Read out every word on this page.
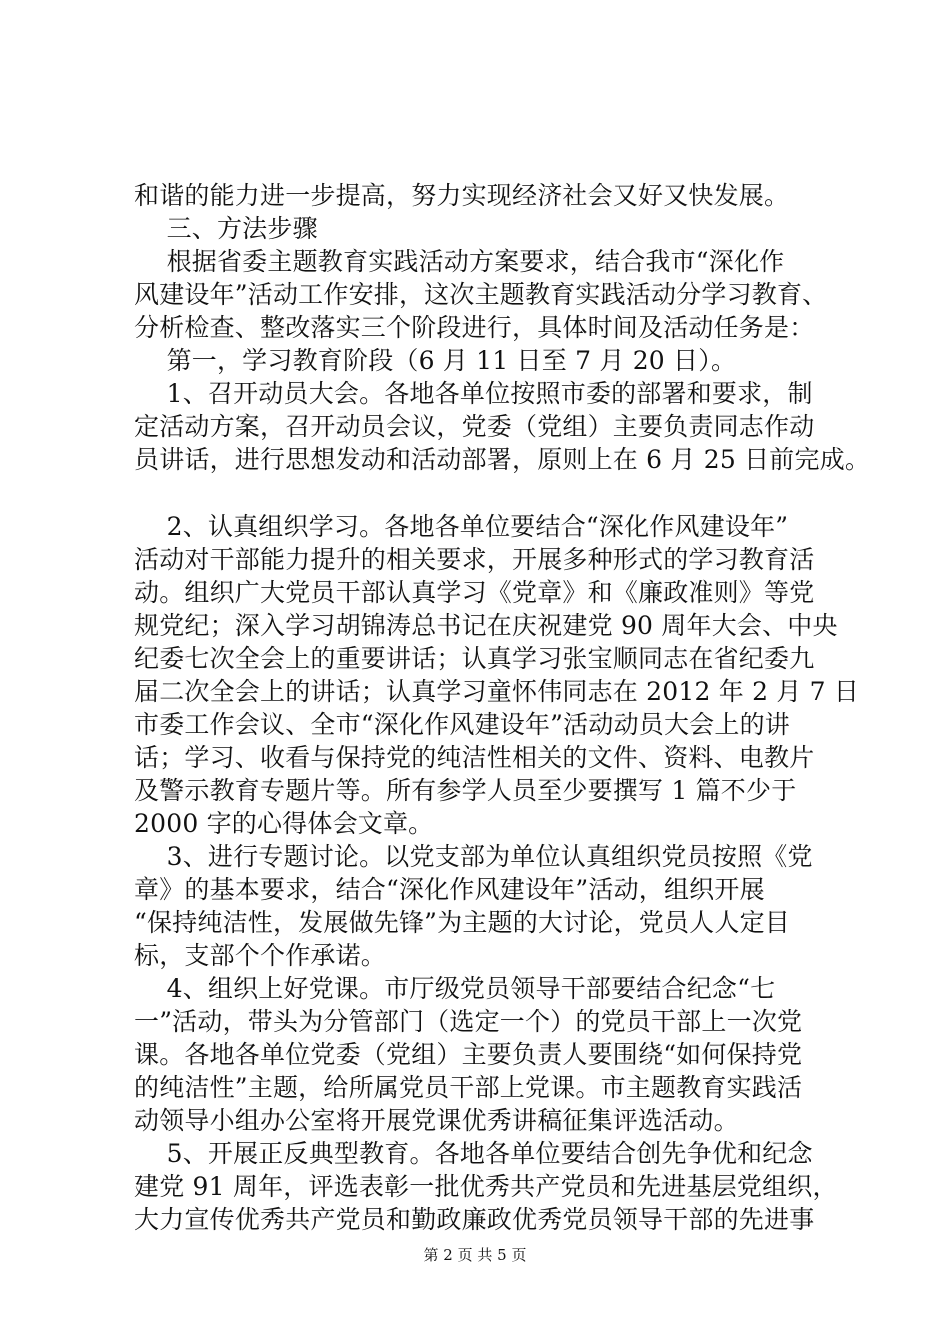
和谐的能力进一步提高，努力实现经济社会又好又快发展。
三、方法步骤
根据省委主题教育实践活动方案要求，结合我市“深化作
风建设年”活动工作安排，这次主题教育实践活动分学习教育、
分析检查、整改落实三个阶段进行，具体时间及活动任务是：
第一，学习教育阶段（6 月 11 日至 7 月 20 日）。
1、召开动员大会。各地各单位按照市委的部署和要求，制
定活动方案，召开动员会议，党委（党组）主要负责同志作动
员讲话，进行思想发动和活动部署，原则上在 6 月 25 日前完成。
2、认真组织学习。各地各单位要结合“深化作风建设年”
活动对干部能力提升的相关要求，开展多种形式的学习教育活
动。组织广大党员干部认真学习《党章》和《廉政准则》等党
规党纪；深入学习胡锦涛总书记在庆祝建党 90 周年大会、中央
纪委七次全会上的重要讲话；认真学习张宝顺同志在省纪委九
届二次全会上的讲话；认真学习童怀伟同志在 2012 年 2 月 7 日
市委工作会议、全市“深化作风建设年”活动动员大会上的讲
话；学习、收看与保持党的纯洁性相关的文件、资料、电教片
及警示教育专题片等。所有参学人员至少要撰写 1 篇不少于
2000 字的心得体会文章。
3、进行专题讨论。以党支部为单位认真组织党员按照《党
章》的基本要求，结合“深化作风建设年”活动，组织开展
“保持纯洁性，发展做先锋”为主题的大讨论，党员人人定目
标，支部个个作承诺。
4、组织上好党课。市厅级党员领导干部要结合纪念“七
一”活动，带头为分管部门（选定一个）的党员干部上一次党
课。各地各单位党委（党组）主要负责人要围绕“如何保持党
的纯洁性”主题，给所属党员干部上党课。市主题教育实践活
动领导小组办公室将开展党课优秀讲稿征集评选活动。
5、开展正反典型教育。各地各单位要结合创先争优和纪念
建党 91 周年，评选表彰一批优秀共产党员和先进基层党组织，
大力宣传优秀共产党员和勤政廉政优秀党员领导干部的先进事
第 2 页 共 5 页
